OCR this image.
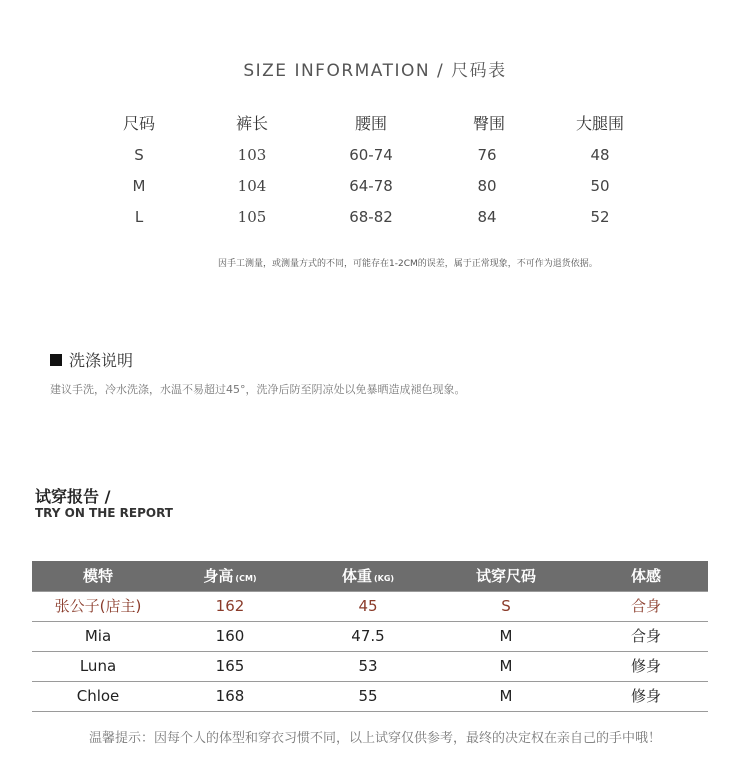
SIZE INFORMATION / 尺码表
尺码	裤长	腰围	臀围	大腿围
S	103	60-74	76	48
M	104	64-78	80	50
L	105	68-82	84	52
因手工测量，或测量方式的不同，可能存在1-2CM的误差，属于正常现象，不可作为退货依据。
洗涤说明
建议手洗，冷水洗涤，水温不易超过45°，洗净后防至阴凉处以免暴晒造成褪色现象。
试穿报告 /
TRY ON THE REPORT
模特	身高 (CM)	体重 (KG)	试穿尺码	体感
张公子(店主)	162	45	S	合身
Mia	160	47.5	M	合身
Luna	165	53	M	修身
Chloe	168	55	M	修身
温馨提示：因每个人的体型和穿衣习惯不同，以上试穿仅供参考，最终的决定权在亲自己的手中哦！
